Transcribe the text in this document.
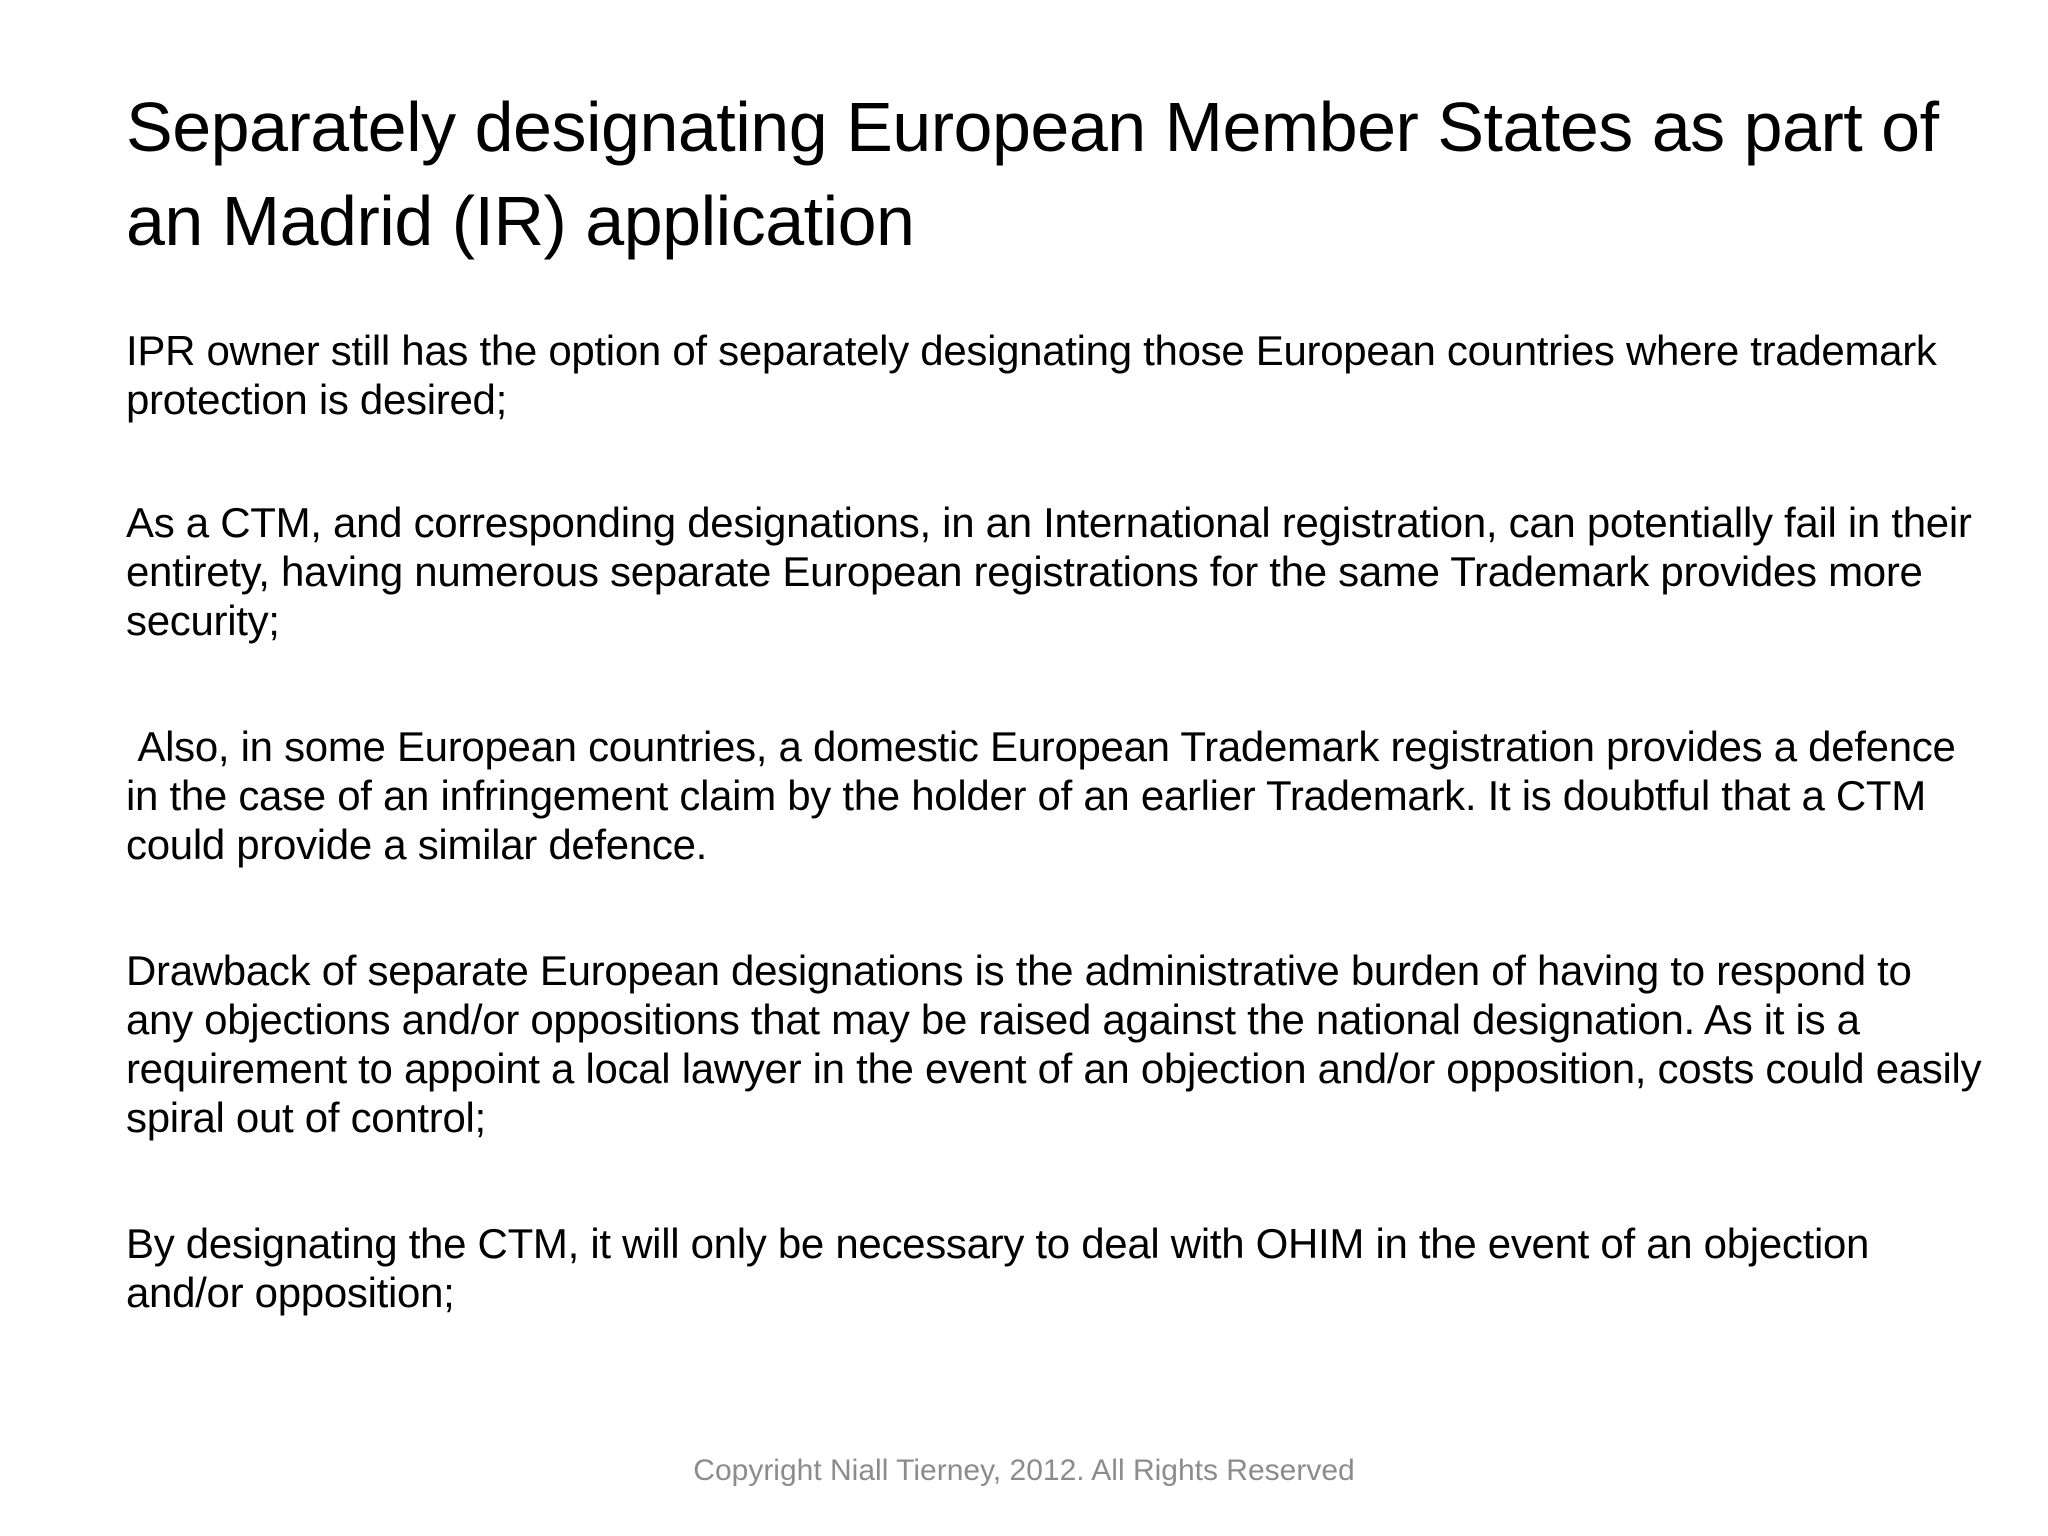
Separately designating European Member States as part of an Madrid (IR) application

IPR owner still has the option of separately designating those European countries where trademark protection is desired;

As a CTM, and corresponding designations, in an International registration, can potentially fail in their entirety, having numerous separate European registrations for the same Trademark provides more security;

Also, in some European countries, a domestic European Trademark registration provides a defence in the case of an infringement claim by the holder of an earlier Trademark. It is doubtful that a CTM could provide a similar defence.

Drawback of separate European designations is the administrative burden of having to respond to any objections and/or oppositions that may be raised against the national designation. As it is a requirement to appoint a local lawyer in the event of an objection and/or opposition, costs could easily spiral out of control;

By designating the CTM, it will only be necessary to deal with OHIM in the event of an objection and/or opposition;

Copyright Niall Tierney, 2012. All Rights Reserved
